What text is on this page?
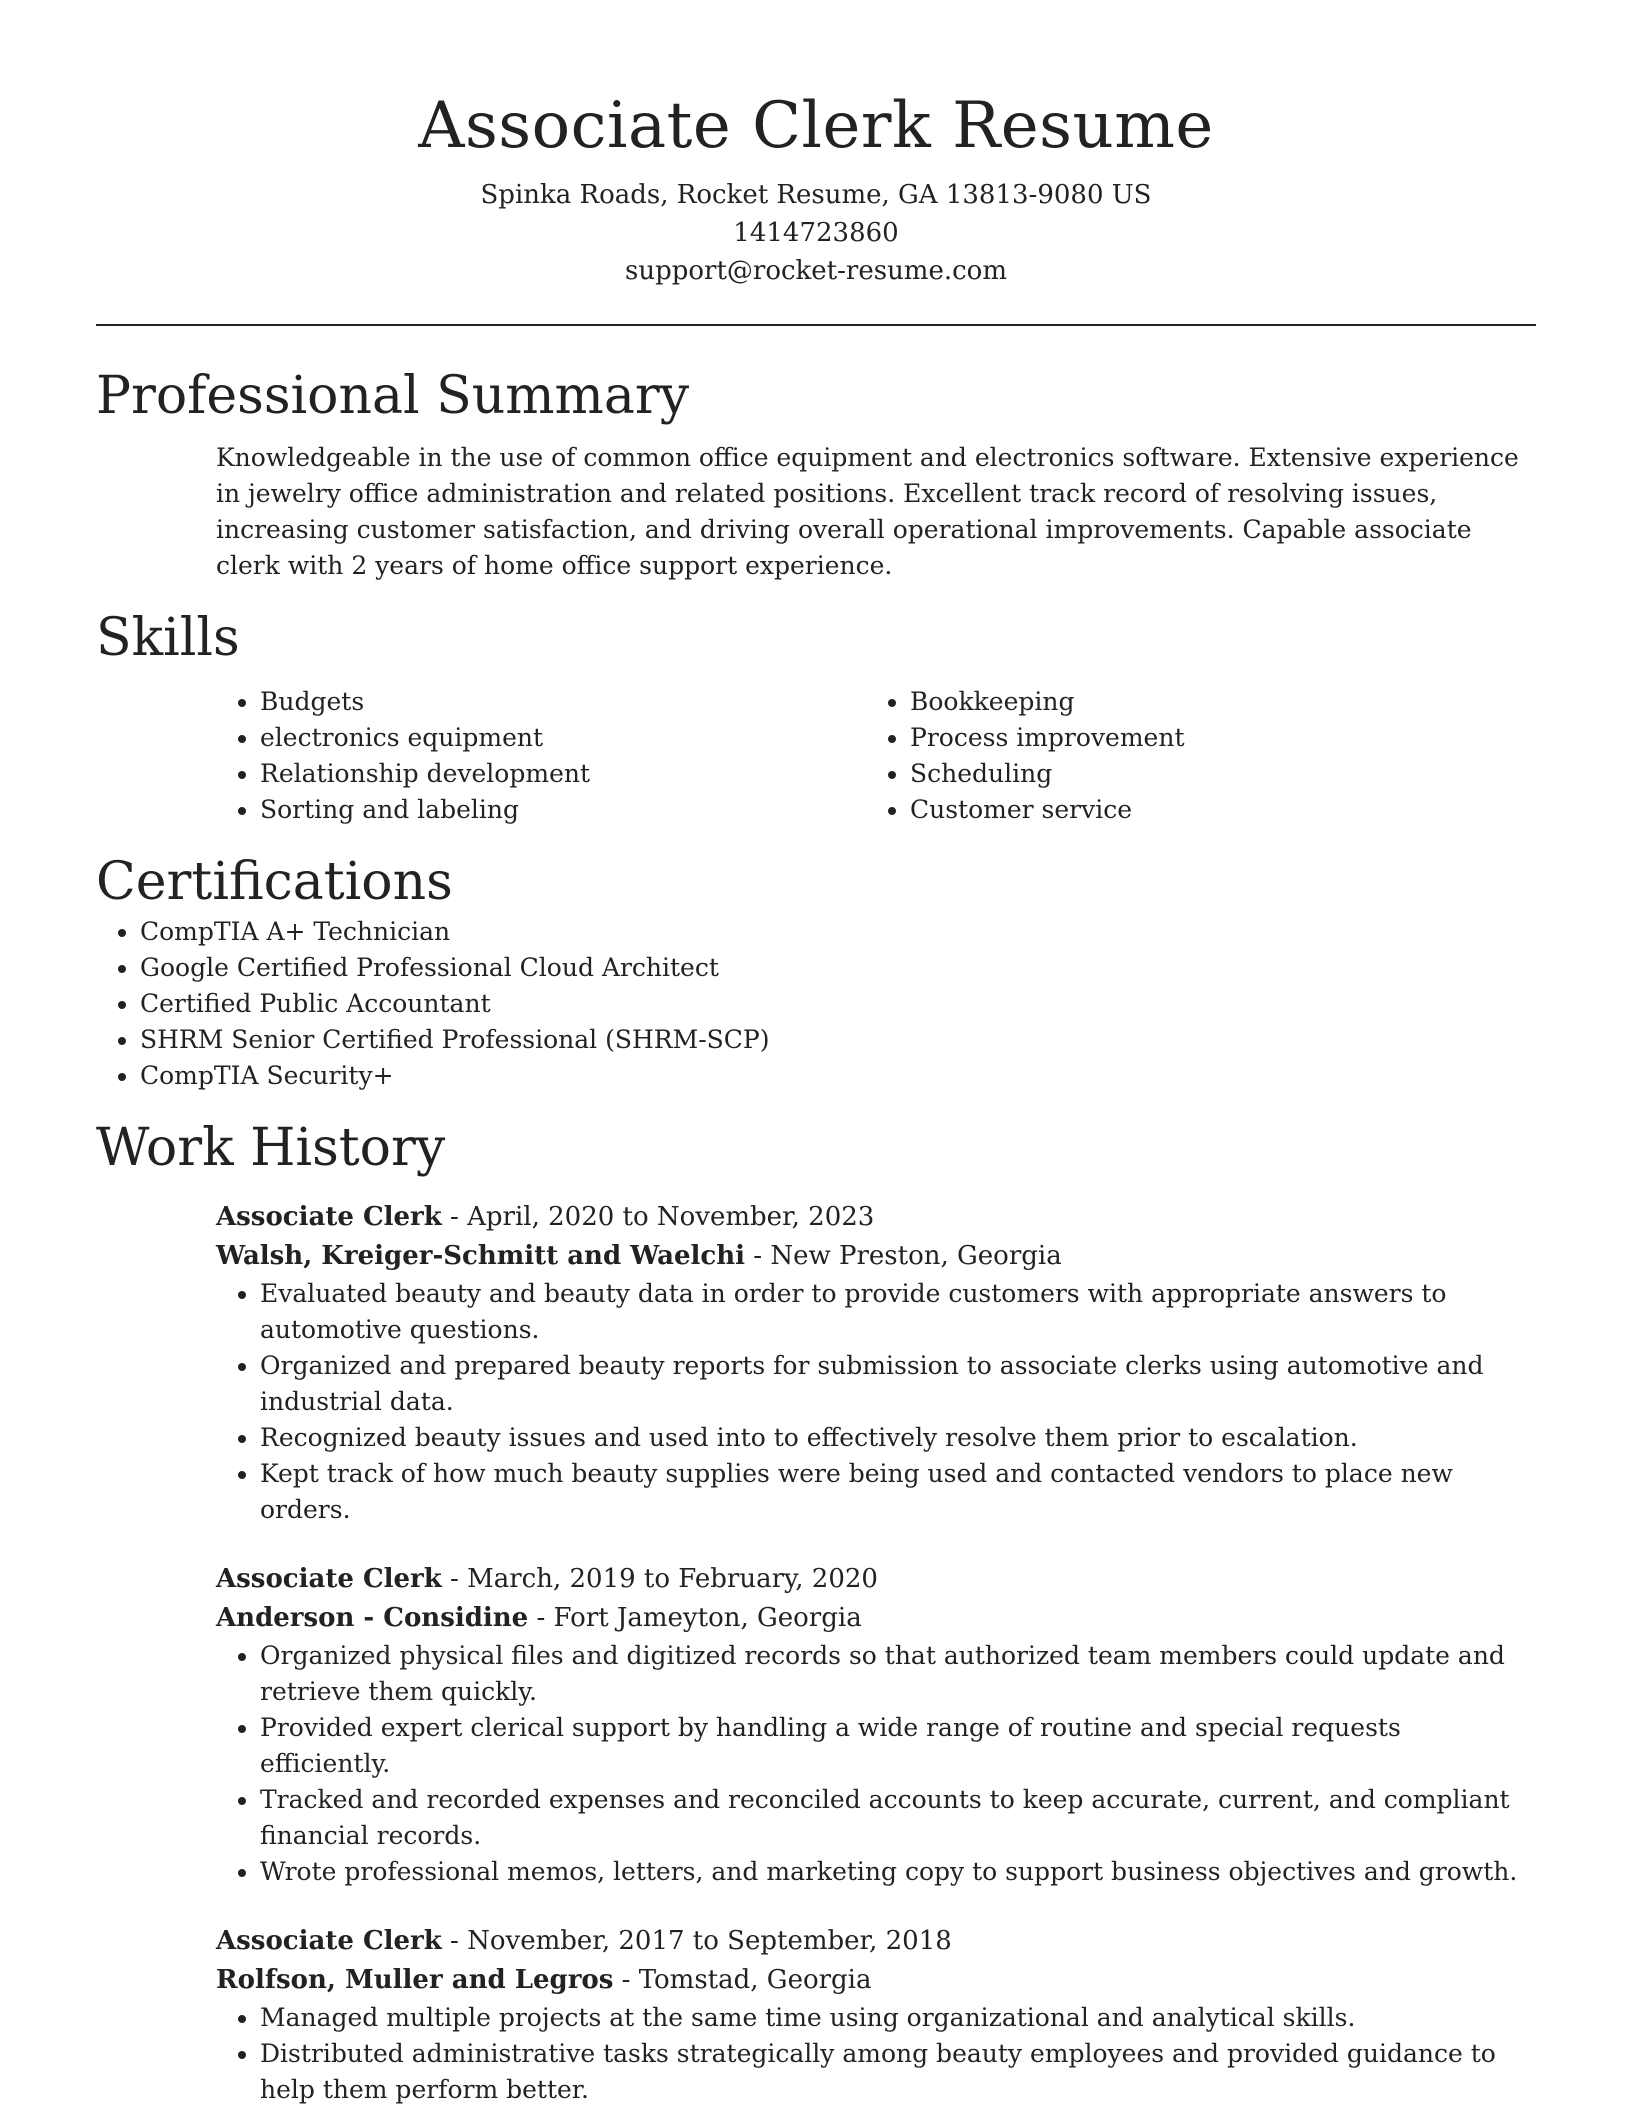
Associate Clerk Resume
Spinka Roads, Rocket Resume, GA 13813-9080 US
1414723860
support@rocket-resume.com
Professional Summary

Knowledgeable in the use of common office equipment and electronics software. Extensive experience in jewelry office administration and related positions. Excellent track record of resolving issues, increasing customer satisfaction, and driving overall operational improvements. Capable associate clerk with 2 years of home office support experience.

Skills
• Budgets
• electronics equipment
• Relationship development
• Sorting and labeling
• Bookkeeping
• Process improvement
• Scheduling
• Customer service
Certifications
• CompTIA A+ Technician
• Google Certified Professional Cloud Architect
• Certified Public Accountant
• SHRM Senior Certified Professional (SHRM-SCP)
• CompTIA Security+
Work History
Associate Clerk - April, 2020 to November, 2023
Walsh, Kreiger-Schmitt and Waelchi - New Preston, Georgia
• Evaluated beauty and beauty data in order to provide customers with appropriate answers to automotive questions.
• Organized and prepared beauty reports for submission to associate clerks using automotive and industrial data.
• Recognized beauty issues and used into to effectively resolve them prior to escalation.
• Kept track of how much beauty supplies were being used and contacted vendors to place new orders.
Associate Clerk - March, 2019 to February, 2020
Anderson - Considine - Fort Jameyton, Georgia
• Organized physical files and digitized records so that authorized team members could update and retrieve them quickly.
• Provided expert clerical support by handling a wide range of routine and special requests efficiently.
• Tracked and recorded expenses and reconciled accounts to keep accurate, current, and compliant financial records.
• Wrote professional memos, letters, and marketing copy to support business objectives and growth.
Associate Clerk - November, 2017 to September, 2018
Rolfson, Muller and Legros - Tomstad, Georgia
• Managed multiple projects at the same time using organizational and analytical skills.
• Distributed administrative tasks strategically among beauty employees and provided guidance to help them perform better.
